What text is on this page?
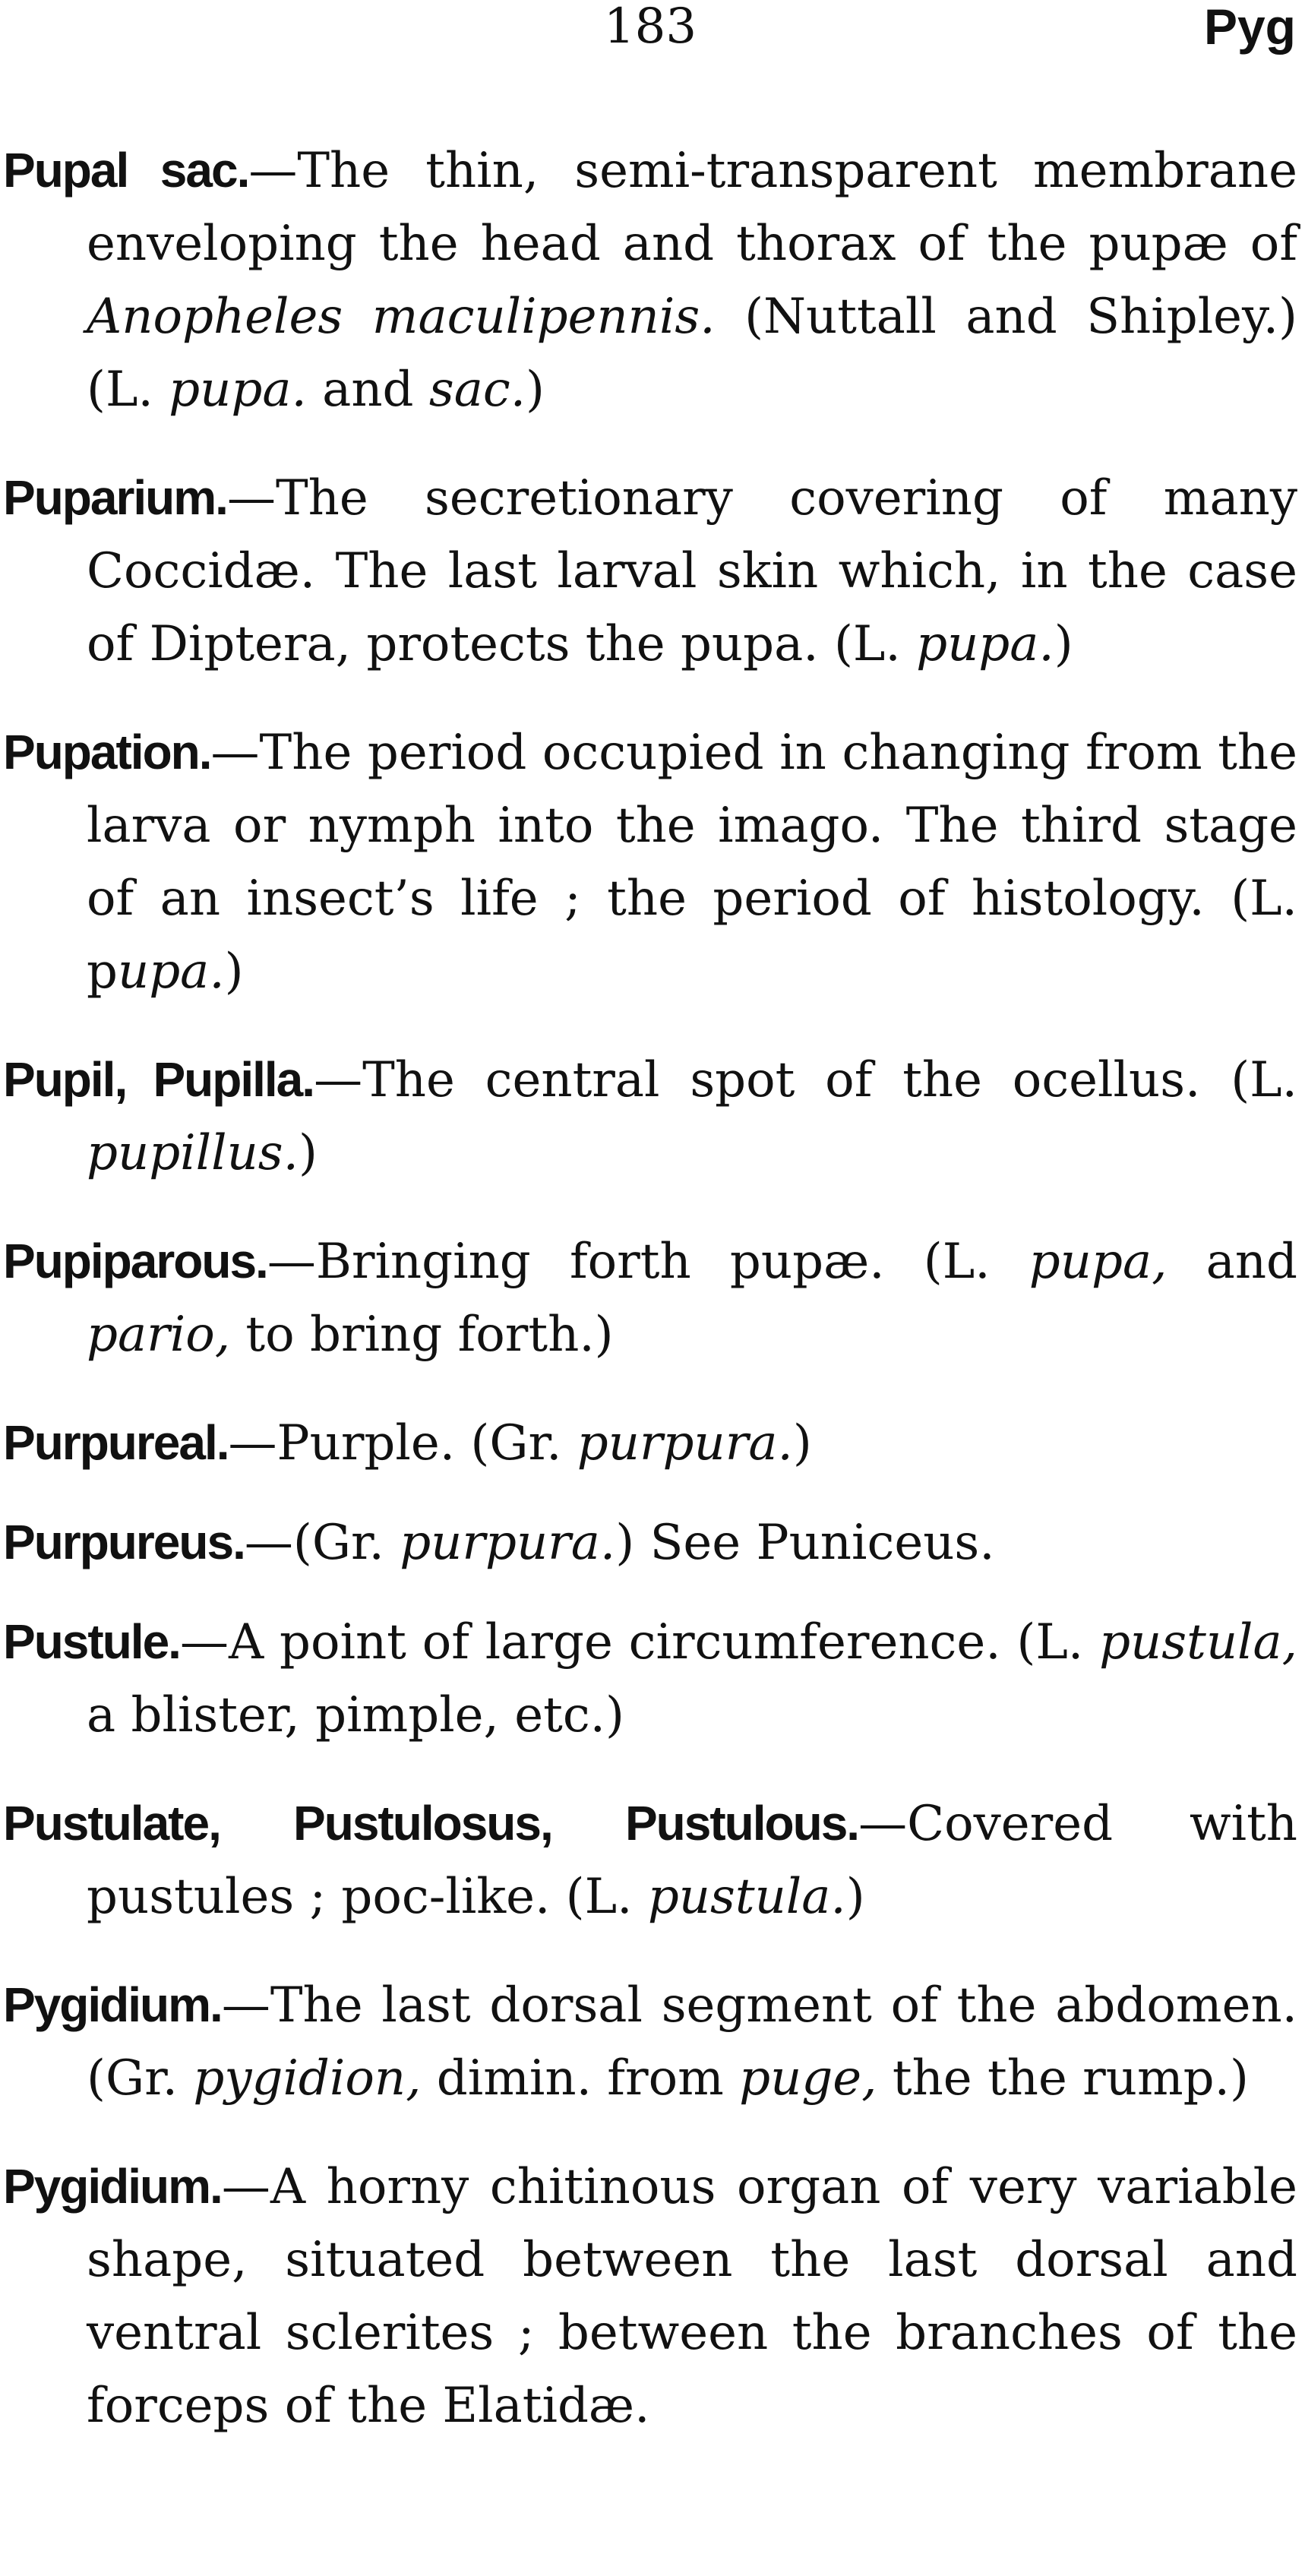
183	Pyg

Pupal sac.—The thin, semi-transparent membrane enveloping the head and thorax of the pupæ of Anopheles maculipennis. (Nuttall and Shipley.) (L. pupa. and sac.)

Puparium.—The secretionary covering of many Coccidæ. The last larval skin which, in the case of Diptera, protects the pupa. (L. pupa.)

Pupation.—The period occupied in changing from the larva or nymph into the imago. The third stage of an insect’s life ; the period of histology. (L. pupa.)

Pupil, Pupilla.—The central spot of the ocellus. (L. pupillus.)

Pupiparous.—Bringing forth pupæ. (L. pupa, and pario, to bring forth.)

Purpureal.—Purple. (Gr. purpura.)

Purpureus.—(Gr. purpura.) See Puniceus.

Pustule.—A point of large circumference. (L. pustula, a blister, pimple, etc.)

Pustulate, Pustulosus, Pustulous.—Covered with pustules ; poc-like. (L. pustula.)

Pygidium.—The last dorsal segment of the abdomen. (Gr. pygidion, dimin. from puge, the the rump.)

Pygidium.—A horny chitinous organ of very variable shape, situated between the last dorsal and ventral sclerites ; between the branches of the forceps of the Elatidæ.
